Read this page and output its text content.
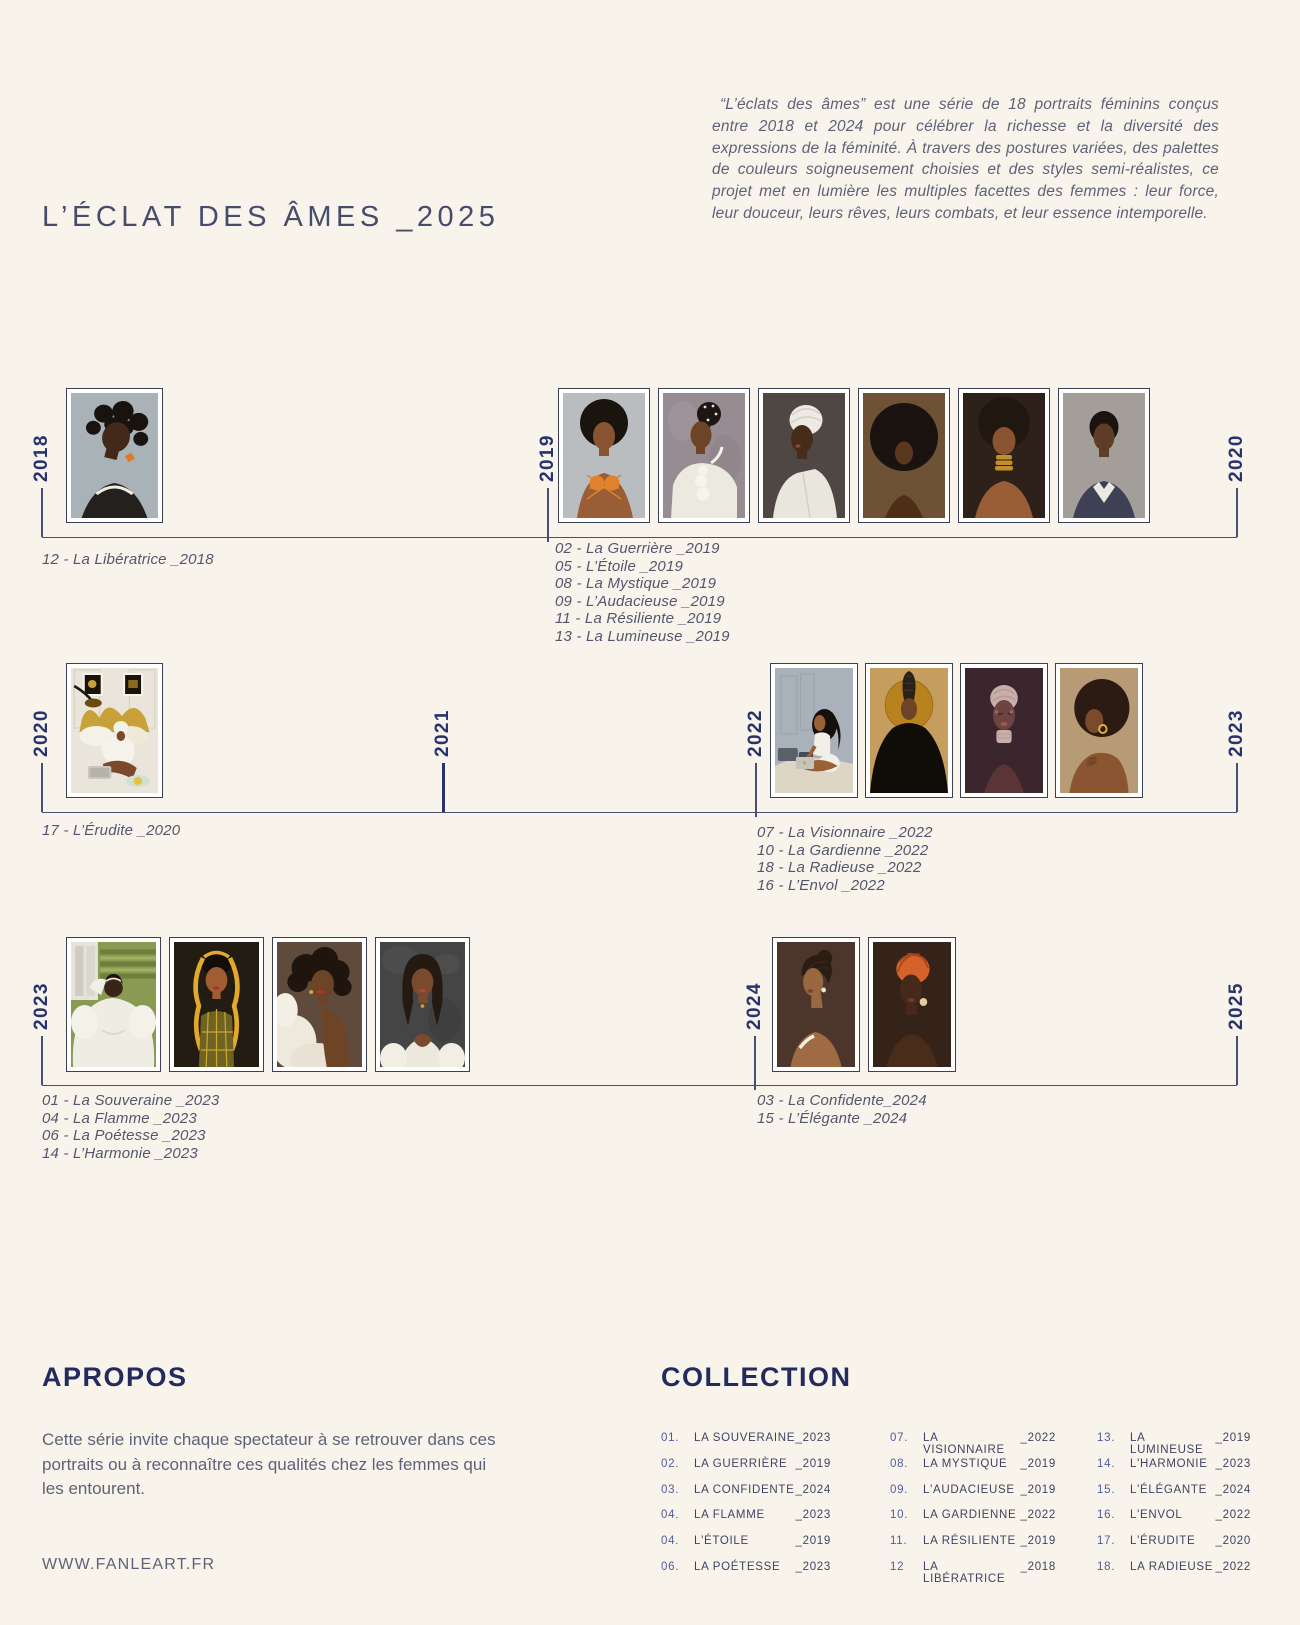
L’ÉCLAT DES ÂMES _2025
“L’éclats des âmes” est une série de 18 portraits féminins conçus entre 2018 et 2024 pour célébrer la richesse et la diversité des expressions de la féminité. À travers des postures variées, des palettes de couleurs soigneusement choisies et des styles semi-réalistes, ce projet met en lumière les multiples facettes des femmes : leur force, leur douceur, leurs rêves, leurs combats, et leur essence intemporelle.
2018	2019	2020
12 - La Libératrice _2018
02 - La Guerrière _2019
05 - L’Étoile _2019
08 - La Mystique _2019
09 - L’Audacieuse _2019
11 - La Résiliente _2019
13 - La Lumineuse _2019
2020	2021	2022	2023
17 - L’Érudite _2020	07 - La Visionnaire _2022
10 - La Gardienne _2022
18 - La Radieuse _2022
16 - L’Envol _2022
2023	2024	2025
01 - La Souveraine _2023
04 - La Flamme _2023
06 - La Poétesse _2023
14 - L’Harmonie _2023
03 - La Confidente_2024
15 - L’Élégante _2024
APROPOS
Cette série invite chaque spectateur à se retrouver dans ces portraits ou à reconnaître ces qualités chez les femmes qui les entourent.
WWW.FANLEART.FR
COLLECTION
01.	LA SOUVERAINE _2023
02.	LA GUERRIÈRE _2019
03.	LA CONFIDENTE _2024
04.	LA FLAMME	_2023
04.	L'ÉTOILE	_2019
06.	LA POÉTESSE	_2023
07.	LA VISIONNAIRE
_2022
08.	LA MYSTIQUE	_2019
09.	L'AUDACIEUSE _2019
10.	LA GARDIENNE _2022
11.	LA RÉSILIENTE _2019
12	LA LIBÉRATRICE
_2018
13.	LA LUMINEUSE
_2019
14.	L'HARMONIE _2023
15.	L'ÉLÉGANTE _2024
16.	L'ENVOL	_2022
17.	L'ÉRUDITE	_2020
18.	LA RADIEUSE _2022
